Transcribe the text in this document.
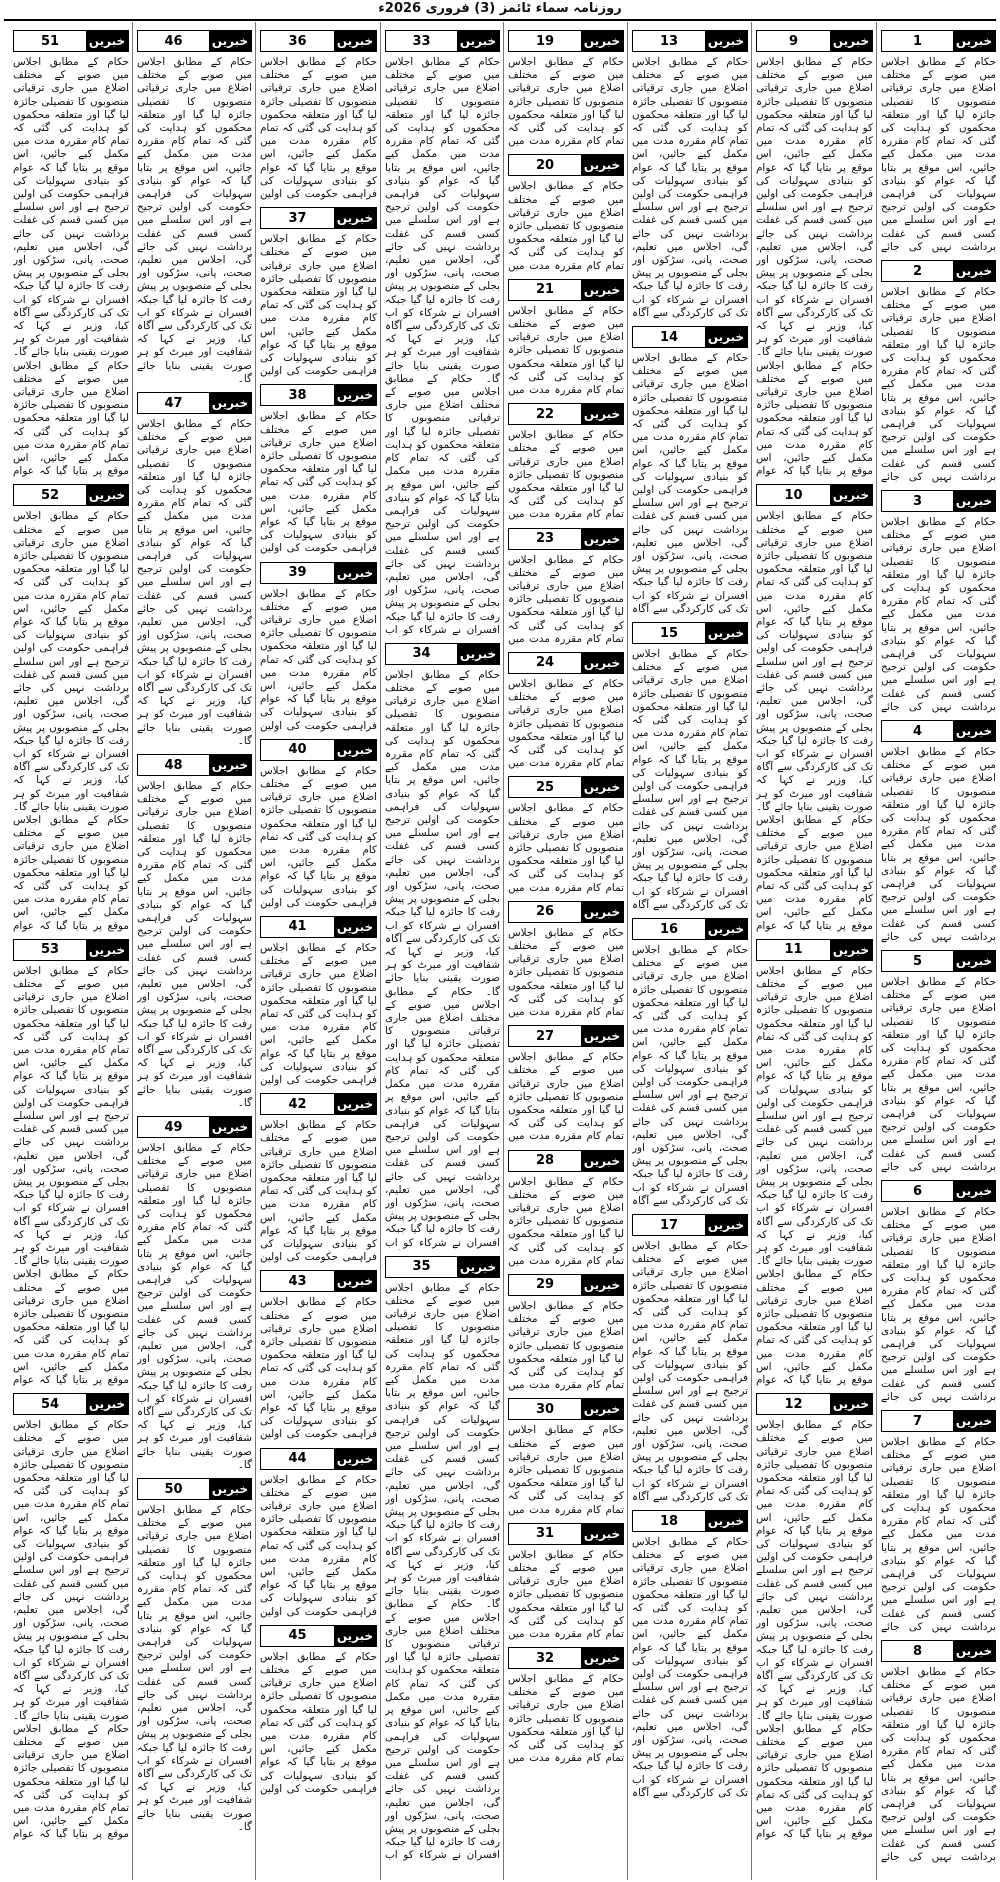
روزنامہ سماء ٹائمز (3) فروری 2026ء
خبریں
1
حکام کے مطابق اجلاس میں صوبے کے مختلف اضلاع میں جاری ترقیاتی منصوبوں کا تفصیلی جائزہ لیا گیا اور متعلقہ محکموں کو ہدایت کی گئی کہ تمام کام مقررہ مدت میں مکمل کیے جائیں، اس موقع پر بتایا گیا کہ عوام کو بنیادی سہولیات کی فراہمی حکومت کی اولین ترجیح ہے اور اس سلسلے میں کسی قسم کی غفلت برداشت نہیں کی جائے
خبریں
2
حکام کے مطابق اجلاس میں صوبے کے مختلف اضلاع میں جاری ترقیاتی منصوبوں کا تفصیلی جائزہ لیا گیا اور متعلقہ محکموں کو ہدایت کی گئی کہ تمام کام مقررہ مدت میں مکمل کیے جائیں، اس موقع پر بتایا گیا کہ عوام کو بنیادی سہولیات کی فراہمی حکومت کی اولین ترجیح ہے اور اس سلسلے میں کسی قسم کی غفلت برداشت نہیں کی جائے
خبریں
3
حکام کے مطابق اجلاس میں صوبے کے مختلف اضلاع میں جاری ترقیاتی منصوبوں کا تفصیلی جائزہ لیا گیا اور متعلقہ محکموں کو ہدایت کی گئی کہ تمام کام مقررہ مدت میں مکمل کیے جائیں، اس موقع پر بتایا گیا کہ عوام کو بنیادی سہولیات کی فراہمی حکومت کی اولین ترجیح ہے اور اس سلسلے میں کسی قسم کی غفلت برداشت نہیں کی جائے
خبریں
4
حکام کے مطابق اجلاس میں صوبے کے مختلف اضلاع میں جاری ترقیاتی منصوبوں کا تفصیلی جائزہ لیا گیا اور متعلقہ محکموں کو ہدایت کی گئی کہ تمام کام مقررہ مدت میں مکمل کیے جائیں، اس موقع پر بتایا گیا کہ عوام کو بنیادی سہولیات کی فراہمی حکومت کی اولین ترجیح ہے اور اس سلسلے میں کسی قسم کی غفلت برداشت نہیں کی جائے
خبریں
5
حکام کے مطابق اجلاس میں صوبے کے مختلف اضلاع میں جاری ترقیاتی منصوبوں کا تفصیلی جائزہ لیا گیا اور متعلقہ محکموں کو ہدایت کی گئی کہ تمام کام مقررہ مدت میں مکمل کیے جائیں، اس موقع پر بتایا گیا کہ عوام کو بنیادی سہولیات کی فراہمی حکومت کی اولین ترجیح ہے اور اس سلسلے میں کسی قسم کی غفلت برداشت نہیں کی جائے
خبریں
6
حکام کے مطابق اجلاس میں صوبے کے مختلف اضلاع میں جاری ترقیاتی منصوبوں کا تفصیلی جائزہ لیا گیا اور متعلقہ محکموں کو ہدایت کی گئی کہ تمام کام مقررہ مدت میں مکمل کیے جائیں، اس موقع پر بتایا گیا کہ عوام کو بنیادی سہولیات کی فراہمی حکومت کی اولین ترجیح ہے اور اس سلسلے میں کسی قسم کی غفلت برداشت نہیں کی جائے
خبریں
7
حکام کے مطابق اجلاس میں صوبے کے مختلف اضلاع میں جاری ترقیاتی منصوبوں کا تفصیلی جائزہ لیا گیا اور متعلقہ محکموں کو ہدایت کی گئی کہ تمام کام مقررہ مدت میں مکمل کیے جائیں، اس موقع پر بتایا گیا کہ عوام کو بنیادی سہولیات کی فراہمی حکومت کی اولین ترجیح ہے اور اس سلسلے میں کسی قسم کی غفلت برداشت نہیں کی جائے
خبریں
8
حکام کے مطابق اجلاس میں صوبے کے مختلف اضلاع میں جاری ترقیاتی منصوبوں کا تفصیلی جائزہ لیا گیا اور متعلقہ محکموں کو ہدایت کی گئی کہ تمام کام مقررہ مدت میں مکمل کیے جائیں، اس موقع پر بتایا گیا کہ عوام کو بنیادی سہولیات کی فراہمی حکومت کی اولین ترجیح ہے اور اس سلسلے میں کسی قسم کی غفلت برداشت نہیں کی جائے
خبریں
9
حکام کے مطابق اجلاس میں صوبے کے مختلف اضلاع میں جاری ترقیاتی منصوبوں کا تفصیلی جائزہ لیا گیا اور متعلقہ محکموں کو ہدایت کی گئی کہ تمام کام مقررہ مدت میں مکمل کیے جائیں، اس موقع پر بتایا گیا کہ عوام کو بنیادی سہولیات کی فراہمی حکومت کی اولین ترجیح ہے اور اس سلسلے میں کسی قسم کی غفلت برداشت نہیں کی جائے گی، اجلاس میں تعلیم، صحت، پانی، سڑکوں اور بجلی کے منصوبوں پر پیش رفت کا جائزہ لیا گیا جبکہ افسران نے شرکاء کو اب تک کی کارکردگی سے آگاہ کیا، وزیر نے کہا کہ شفافیت اور میرٹ کو ہر صورت یقینی بنایا جائے گا۔ حکام کے مطابق اجلاس میں صوبے کے مختلف اضلاع میں جاری ترقیاتی منصوبوں کا تفصیلی جائزہ لیا گیا اور متعلقہ محکموں کو ہدایت کی گئی کہ تمام کام مقررہ مدت میں مکمل کیے جائیں، اس موقع پر بتایا گیا کہ عوام
خبریں
10
حکام کے مطابق اجلاس میں صوبے کے مختلف اضلاع میں جاری ترقیاتی منصوبوں کا تفصیلی جائزہ لیا گیا اور متعلقہ محکموں کو ہدایت کی گئی کہ تمام کام مقررہ مدت میں مکمل کیے جائیں، اس موقع پر بتایا گیا کہ عوام کو بنیادی سہولیات کی فراہمی حکومت کی اولین ترجیح ہے اور اس سلسلے میں کسی قسم کی غفلت برداشت نہیں کی جائے گی، اجلاس میں تعلیم، صحت، پانی، سڑکوں اور بجلی کے منصوبوں پر پیش رفت کا جائزہ لیا گیا جبکہ افسران نے شرکاء کو اب تک کی کارکردگی سے آگاہ کیا، وزیر نے کہا کہ شفافیت اور میرٹ کو ہر صورت یقینی بنایا جائے گا۔ حکام کے مطابق اجلاس میں صوبے کے مختلف اضلاع میں جاری ترقیاتی منصوبوں کا تفصیلی جائزہ لیا گیا اور متعلقہ محکموں کو ہدایت کی گئی کہ تمام کام مقررہ مدت میں مکمل کیے جائیں، اس موقع پر بتایا گیا کہ عوام
خبریں
11
حکام کے مطابق اجلاس میں صوبے کے مختلف اضلاع میں جاری ترقیاتی منصوبوں کا تفصیلی جائزہ لیا گیا اور متعلقہ محکموں کو ہدایت کی گئی کہ تمام کام مقررہ مدت میں مکمل کیے جائیں، اس موقع پر بتایا گیا کہ عوام کو بنیادی سہولیات کی فراہمی حکومت کی اولین ترجیح ہے اور اس سلسلے میں کسی قسم کی غفلت برداشت نہیں کی جائے گی، اجلاس میں تعلیم، صحت، پانی، سڑکوں اور بجلی کے منصوبوں پر پیش رفت کا جائزہ لیا گیا جبکہ افسران نے شرکاء کو اب تک کی کارکردگی سے آگاہ کیا، وزیر نے کہا کہ شفافیت اور میرٹ کو ہر صورت یقینی بنایا جائے گا۔ حکام کے مطابق اجلاس میں صوبے کے مختلف اضلاع میں جاری ترقیاتی منصوبوں کا تفصیلی جائزہ لیا گیا اور متعلقہ محکموں کو ہدایت کی گئی کہ تمام کام مقررہ مدت میں مکمل کیے جائیں، اس موقع پر بتایا گیا کہ عوام
خبریں
12
حکام کے مطابق اجلاس میں صوبے کے مختلف اضلاع میں جاری ترقیاتی منصوبوں کا تفصیلی جائزہ لیا گیا اور متعلقہ محکموں کو ہدایت کی گئی کہ تمام کام مقررہ مدت میں مکمل کیے جائیں، اس موقع پر بتایا گیا کہ عوام کو بنیادی سہولیات کی فراہمی حکومت کی اولین ترجیح ہے اور اس سلسلے میں کسی قسم کی غفلت برداشت نہیں کی جائے گی، اجلاس میں تعلیم، صحت، پانی، سڑکوں اور بجلی کے منصوبوں پر پیش رفت کا جائزہ لیا گیا جبکہ افسران نے شرکاء کو اب تک کی کارکردگی سے آگاہ کیا، وزیر نے کہا کہ شفافیت اور میرٹ کو ہر صورت یقینی بنایا جائے گا۔ حکام کے مطابق اجلاس میں صوبے کے مختلف اضلاع میں جاری ترقیاتی منصوبوں کا تفصیلی جائزہ لیا گیا اور متعلقہ محکموں کو ہدایت کی گئی کہ تمام کام مقررہ مدت میں مکمل کیے جائیں، اس موقع پر بتایا گیا کہ عوام
خبریں
13
حکام کے مطابق اجلاس میں صوبے کے مختلف اضلاع میں جاری ترقیاتی منصوبوں کا تفصیلی جائزہ لیا گیا اور متعلقہ محکموں کو ہدایت کی گئی کہ تمام کام مقررہ مدت میں مکمل کیے جائیں، اس موقع پر بتایا گیا کہ عوام کو بنیادی سہولیات کی فراہمی حکومت کی اولین ترجیح ہے اور اس سلسلے میں کسی قسم کی غفلت برداشت نہیں کی جائے گی، اجلاس میں تعلیم، صحت، پانی، سڑکوں اور بجلی کے منصوبوں پر پیش رفت کا جائزہ لیا گیا جبکہ افسران نے شرکاء کو اب تک کی کارکردگی سے آگاہ
خبریں
14
حکام کے مطابق اجلاس میں صوبے کے مختلف اضلاع میں جاری ترقیاتی منصوبوں کا تفصیلی جائزہ لیا گیا اور متعلقہ محکموں کو ہدایت کی گئی کہ تمام کام مقررہ مدت میں مکمل کیے جائیں، اس موقع پر بتایا گیا کہ عوام کو بنیادی سہولیات کی فراہمی حکومت کی اولین ترجیح ہے اور اس سلسلے میں کسی قسم کی غفلت برداشت نہیں کی جائے گی، اجلاس میں تعلیم، صحت، پانی، سڑکوں اور بجلی کے منصوبوں پر پیش رفت کا جائزہ لیا گیا جبکہ افسران نے شرکاء کو اب تک کی کارکردگی سے آگاہ
خبریں
15
حکام کے مطابق اجلاس میں صوبے کے مختلف اضلاع میں جاری ترقیاتی منصوبوں کا تفصیلی جائزہ لیا گیا اور متعلقہ محکموں کو ہدایت کی گئی کہ تمام کام مقررہ مدت میں مکمل کیے جائیں، اس موقع پر بتایا گیا کہ عوام کو بنیادی سہولیات کی فراہمی حکومت کی اولین ترجیح ہے اور اس سلسلے میں کسی قسم کی غفلت برداشت نہیں کی جائے گی، اجلاس میں تعلیم، صحت، پانی، سڑکوں اور بجلی کے منصوبوں پر پیش رفت کا جائزہ لیا گیا جبکہ افسران نے شرکاء کو اب تک کی کارکردگی سے آگاہ
خبریں
16
حکام کے مطابق اجلاس میں صوبے کے مختلف اضلاع میں جاری ترقیاتی منصوبوں کا تفصیلی جائزہ لیا گیا اور متعلقہ محکموں کو ہدایت کی گئی کہ تمام کام مقررہ مدت میں مکمل کیے جائیں، اس موقع پر بتایا گیا کہ عوام کو بنیادی سہولیات کی فراہمی حکومت کی اولین ترجیح ہے اور اس سلسلے میں کسی قسم کی غفلت برداشت نہیں کی جائے گی، اجلاس میں تعلیم، صحت، پانی، سڑکوں اور بجلی کے منصوبوں پر پیش رفت کا جائزہ لیا گیا جبکہ افسران نے شرکاء کو اب تک کی کارکردگی سے آگاہ
خبریں
17
حکام کے مطابق اجلاس میں صوبے کے مختلف اضلاع میں جاری ترقیاتی منصوبوں کا تفصیلی جائزہ لیا گیا اور متعلقہ محکموں کو ہدایت کی گئی کہ تمام کام مقررہ مدت میں مکمل کیے جائیں، اس موقع پر بتایا گیا کہ عوام کو بنیادی سہولیات کی فراہمی حکومت کی اولین ترجیح ہے اور اس سلسلے میں کسی قسم کی غفلت برداشت نہیں کی جائے گی، اجلاس میں تعلیم، صحت، پانی، سڑکوں اور بجلی کے منصوبوں پر پیش رفت کا جائزہ لیا گیا جبکہ افسران نے شرکاء کو اب تک کی کارکردگی سے آگاہ
خبریں
18
حکام کے مطابق اجلاس میں صوبے کے مختلف اضلاع میں جاری ترقیاتی منصوبوں کا تفصیلی جائزہ لیا گیا اور متعلقہ محکموں کو ہدایت کی گئی کہ تمام کام مقررہ مدت میں مکمل کیے جائیں، اس موقع پر بتایا گیا کہ عوام کو بنیادی سہولیات کی فراہمی حکومت کی اولین ترجیح ہے اور اس سلسلے میں کسی قسم کی غفلت برداشت نہیں کی جائے گی، اجلاس میں تعلیم، صحت، پانی، سڑکوں اور بجلی کے منصوبوں پر پیش رفت کا جائزہ لیا گیا جبکہ افسران نے شرکاء کو اب تک کی کارکردگی سے آگاہ
خبریں
19
حکام کے مطابق اجلاس میں صوبے کے مختلف اضلاع میں جاری ترقیاتی منصوبوں کا تفصیلی جائزہ لیا گیا اور متعلقہ محکموں کو ہدایت کی گئی کہ تمام کام مقررہ مدت میں
خبریں
20
حکام کے مطابق اجلاس میں صوبے کے مختلف اضلاع میں جاری ترقیاتی منصوبوں کا تفصیلی جائزہ لیا گیا اور متعلقہ محکموں کو ہدایت کی گئی کہ تمام کام مقررہ مدت میں
خبریں
21
حکام کے مطابق اجلاس میں صوبے کے مختلف اضلاع میں جاری ترقیاتی منصوبوں کا تفصیلی جائزہ لیا گیا اور متعلقہ محکموں کو ہدایت کی گئی کہ تمام کام مقررہ مدت میں
خبریں
22
حکام کے مطابق اجلاس میں صوبے کے مختلف اضلاع میں جاری ترقیاتی منصوبوں کا تفصیلی جائزہ لیا گیا اور متعلقہ محکموں کو ہدایت کی گئی کہ تمام کام مقررہ مدت میں
خبریں
23
حکام کے مطابق اجلاس میں صوبے کے مختلف اضلاع میں جاری ترقیاتی منصوبوں کا تفصیلی جائزہ لیا گیا اور متعلقہ محکموں کو ہدایت کی گئی کہ تمام کام مقررہ مدت میں
خبریں
24
حکام کے مطابق اجلاس میں صوبے کے مختلف اضلاع میں جاری ترقیاتی منصوبوں کا تفصیلی جائزہ لیا گیا اور متعلقہ محکموں کو ہدایت کی گئی کہ تمام کام مقررہ مدت میں
خبریں
25
حکام کے مطابق اجلاس میں صوبے کے مختلف اضلاع میں جاری ترقیاتی منصوبوں کا تفصیلی جائزہ لیا گیا اور متعلقہ محکموں کو ہدایت کی گئی کہ تمام کام مقررہ مدت میں
خبریں
26
حکام کے مطابق اجلاس میں صوبے کے مختلف اضلاع میں جاری ترقیاتی منصوبوں کا تفصیلی جائزہ لیا گیا اور متعلقہ محکموں کو ہدایت کی گئی کہ تمام کام مقررہ مدت میں
خبریں
27
حکام کے مطابق اجلاس میں صوبے کے مختلف اضلاع میں جاری ترقیاتی منصوبوں کا تفصیلی جائزہ لیا گیا اور متعلقہ محکموں کو ہدایت کی گئی کہ تمام کام مقررہ مدت میں
خبریں
28
حکام کے مطابق اجلاس میں صوبے کے مختلف اضلاع میں جاری ترقیاتی منصوبوں کا تفصیلی جائزہ لیا گیا اور متعلقہ محکموں کو ہدایت کی گئی کہ تمام کام مقررہ مدت میں
خبریں
29
حکام کے مطابق اجلاس میں صوبے کے مختلف اضلاع میں جاری ترقیاتی منصوبوں کا تفصیلی جائزہ لیا گیا اور متعلقہ محکموں کو ہدایت کی گئی کہ تمام کام مقررہ مدت میں
خبریں
30
حکام کے مطابق اجلاس میں صوبے کے مختلف اضلاع میں جاری ترقیاتی منصوبوں کا تفصیلی جائزہ لیا گیا اور متعلقہ محکموں کو ہدایت کی گئی کہ تمام کام مقررہ مدت میں
خبریں
31
حکام کے مطابق اجلاس میں صوبے کے مختلف اضلاع میں جاری ترقیاتی منصوبوں کا تفصیلی جائزہ لیا گیا اور متعلقہ محکموں کو ہدایت کی گئی کہ تمام کام مقررہ مدت میں
خبریں
32
حکام کے مطابق اجلاس میں صوبے کے مختلف اضلاع میں جاری ترقیاتی منصوبوں کا تفصیلی جائزہ لیا گیا اور متعلقہ محکموں کو ہدایت کی گئی کہ تمام کام مقررہ مدت میں
خبریں
33
حکام کے مطابق اجلاس میں صوبے کے مختلف اضلاع میں جاری ترقیاتی منصوبوں کا تفصیلی جائزہ لیا گیا اور متعلقہ محکموں کو ہدایت کی گئی کہ تمام کام مقررہ مدت میں مکمل کیے جائیں، اس موقع پر بتایا گیا کہ عوام کو بنیادی سہولیات کی فراہمی حکومت کی اولین ترجیح ہے اور اس سلسلے میں کسی قسم کی غفلت برداشت نہیں کی جائے گی، اجلاس میں تعلیم، صحت، پانی، سڑکوں اور بجلی کے منصوبوں پر پیش رفت کا جائزہ لیا گیا جبکہ افسران نے شرکاء کو اب تک کی کارکردگی سے آگاہ کیا، وزیر نے کہا کہ شفافیت اور میرٹ کو ہر صورت یقینی بنایا جائے گا۔ حکام کے مطابق اجلاس میں صوبے کے مختلف اضلاع میں جاری ترقیاتی منصوبوں کا تفصیلی جائزہ لیا گیا اور متعلقہ محکموں کو ہدایت کی گئی کہ تمام کام مقررہ مدت میں مکمل کیے جائیں، اس موقع پر بتایا گیا کہ عوام کو بنیادی سہولیات کی فراہمی حکومت کی اولین ترجیح ہے اور اس سلسلے میں کسی قسم کی غفلت برداشت نہیں کی جائے گی، اجلاس میں تعلیم، صحت، پانی، سڑکوں اور بجلی کے منصوبوں پر پیش رفت کا جائزہ لیا گیا جبکہ افسران نے شرکاء کو اب
خبریں
34
حکام کے مطابق اجلاس میں صوبے کے مختلف اضلاع میں جاری ترقیاتی منصوبوں کا تفصیلی جائزہ لیا گیا اور متعلقہ محکموں کو ہدایت کی گئی کہ تمام کام مقررہ مدت میں مکمل کیے جائیں، اس موقع پر بتایا گیا کہ عوام کو بنیادی سہولیات کی فراہمی حکومت کی اولین ترجیح ہے اور اس سلسلے میں کسی قسم کی غفلت برداشت نہیں کی جائے گی، اجلاس میں تعلیم، صحت، پانی، سڑکوں اور بجلی کے منصوبوں پر پیش رفت کا جائزہ لیا گیا جبکہ افسران نے شرکاء کو اب تک کی کارکردگی سے آگاہ کیا، وزیر نے کہا کہ شفافیت اور میرٹ کو ہر صورت یقینی بنایا جائے گا۔ حکام کے مطابق اجلاس میں صوبے کے مختلف اضلاع میں جاری ترقیاتی منصوبوں کا تفصیلی جائزہ لیا گیا اور متعلقہ محکموں کو ہدایت کی گئی کہ تمام کام مقررہ مدت میں مکمل کیے جائیں، اس موقع پر بتایا گیا کہ عوام کو بنیادی سہولیات کی فراہمی حکومت کی اولین ترجیح ہے اور اس سلسلے میں کسی قسم کی غفلت برداشت نہیں کی جائے گی، اجلاس میں تعلیم، صحت، پانی، سڑکوں اور بجلی کے منصوبوں پر پیش رفت کا جائزہ لیا گیا جبکہ افسران نے شرکاء کو اب
خبریں
35
حکام کے مطابق اجلاس میں صوبے کے مختلف اضلاع میں جاری ترقیاتی منصوبوں کا تفصیلی جائزہ لیا گیا اور متعلقہ محکموں کو ہدایت کی گئی کہ تمام کام مقررہ مدت میں مکمل کیے جائیں، اس موقع پر بتایا گیا کہ عوام کو بنیادی سہولیات کی فراہمی حکومت کی اولین ترجیح ہے اور اس سلسلے میں کسی قسم کی غفلت برداشت نہیں کی جائے گی، اجلاس میں تعلیم، صحت، پانی، سڑکوں اور بجلی کے منصوبوں پر پیش رفت کا جائزہ لیا گیا جبکہ افسران نے شرکاء کو اب تک کی کارکردگی سے آگاہ کیا، وزیر نے کہا کہ شفافیت اور میرٹ کو ہر صورت یقینی بنایا جائے گا۔ حکام کے مطابق اجلاس میں صوبے کے مختلف اضلاع میں جاری ترقیاتی منصوبوں کا تفصیلی جائزہ لیا گیا اور متعلقہ محکموں کو ہدایت کی گئی کہ تمام کام مقررہ مدت میں مکمل کیے جائیں، اس موقع پر بتایا گیا کہ عوام کو بنیادی سہولیات کی فراہمی حکومت کی اولین ترجیح ہے اور اس سلسلے میں کسی قسم کی غفلت برداشت نہیں کی جائے گی، اجلاس میں تعلیم، صحت، پانی، سڑکوں اور بجلی کے منصوبوں پر پیش رفت کا جائزہ لیا گیا جبکہ افسران نے شرکاء کو اب
خبریں
36
حکام کے مطابق اجلاس میں صوبے کے مختلف اضلاع میں جاری ترقیاتی منصوبوں کا تفصیلی جائزہ لیا گیا اور متعلقہ محکموں کو ہدایت کی گئی کہ تمام کام مقررہ مدت میں مکمل کیے جائیں، اس موقع پر بتایا گیا کہ عوام کو بنیادی سہولیات کی فراہمی حکومت کی اولین
خبریں
37
حکام کے مطابق اجلاس میں صوبے کے مختلف اضلاع میں جاری ترقیاتی منصوبوں کا تفصیلی جائزہ لیا گیا اور متعلقہ محکموں کو ہدایت کی گئی کہ تمام کام مقررہ مدت میں مکمل کیے جائیں، اس موقع پر بتایا گیا کہ عوام کو بنیادی سہولیات کی فراہمی حکومت کی اولین
خبریں
38
حکام کے مطابق اجلاس میں صوبے کے مختلف اضلاع میں جاری ترقیاتی منصوبوں کا تفصیلی جائزہ لیا گیا اور متعلقہ محکموں کو ہدایت کی گئی کہ تمام کام مقررہ مدت میں مکمل کیے جائیں، اس موقع پر بتایا گیا کہ عوام کو بنیادی سہولیات کی فراہمی حکومت کی اولین
خبریں
39
حکام کے مطابق اجلاس میں صوبے کے مختلف اضلاع میں جاری ترقیاتی منصوبوں کا تفصیلی جائزہ لیا گیا اور متعلقہ محکموں کو ہدایت کی گئی کہ تمام کام مقررہ مدت میں مکمل کیے جائیں، اس موقع پر بتایا گیا کہ عوام کو بنیادی سہولیات کی فراہمی حکومت کی اولین
خبریں
40
حکام کے مطابق اجلاس میں صوبے کے مختلف اضلاع میں جاری ترقیاتی منصوبوں کا تفصیلی جائزہ لیا گیا اور متعلقہ محکموں کو ہدایت کی گئی کہ تمام کام مقررہ مدت میں مکمل کیے جائیں، اس موقع پر بتایا گیا کہ عوام کو بنیادی سہولیات کی فراہمی حکومت کی اولین
خبریں
41
حکام کے مطابق اجلاس میں صوبے کے مختلف اضلاع میں جاری ترقیاتی منصوبوں کا تفصیلی جائزہ لیا گیا اور متعلقہ محکموں کو ہدایت کی گئی کہ تمام کام مقررہ مدت میں مکمل کیے جائیں، اس موقع پر بتایا گیا کہ عوام کو بنیادی سہولیات کی فراہمی حکومت کی اولین
خبریں
42
حکام کے مطابق اجلاس میں صوبے کے مختلف اضلاع میں جاری ترقیاتی منصوبوں کا تفصیلی جائزہ لیا گیا اور متعلقہ محکموں کو ہدایت کی گئی کہ تمام کام مقررہ مدت میں مکمل کیے جائیں، اس موقع پر بتایا گیا کہ عوام کو بنیادی سہولیات کی فراہمی حکومت کی اولین
خبریں
43
حکام کے مطابق اجلاس میں صوبے کے مختلف اضلاع میں جاری ترقیاتی منصوبوں کا تفصیلی جائزہ لیا گیا اور متعلقہ محکموں کو ہدایت کی گئی کہ تمام کام مقررہ مدت میں مکمل کیے جائیں، اس موقع پر بتایا گیا کہ عوام کو بنیادی سہولیات کی فراہمی حکومت کی اولین
خبریں
44
حکام کے مطابق اجلاس میں صوبے کے مختلف اضلاع میں جاری ترقیاتی منصوبوں کا تفصیلی جائزہ لیا گیا اور متعلقہ محکموں کو ہدایت کی گئی کہ تمام کام مقررہ مدت میں مکمل کیے جائیں، اس موقع پر بتایا گیا کہ عوام کو بنیادی سہولیات کی فراہمی حکومت کی اولین
خبریں
45
حکام کے مطابق اجلاس میں صوبے کے مختلف اضلاع میں جاری ترقیاتی منصوبوں کا تفصیلی جائزہ لیا گیا اور متعلقہ محکموں کو ہدایت کی گئی کہ تمام کام مقررہ مدت میں مکمل کیے جائیں، اس موقع پر بتایا گیا کہ عوام کو بنیادی سہولیات کی فراہمی حکومت کی اولین
خبریں
46
حکام کے مطابق اجلاس میں صوبے کے مختلف اضلاع میں جاری ترقیاتی منصوبوں کا تفصیلی جائزہ لیا گیا اور متعلقہ محکموں کو ہدایت کی گئی کہ تمام کام مقررہ مدت میں مکمل کیے جائیں، اس موقع پر بتایا گیا کہ عوام کو بنیادی سہولیات کی فراہمی حکومت کی اولین ترجیح ہے اور اس سلسلے میں کسی قسم کی غفلت برداشت نہیں کی جائے گی، اجلاس میں تعلیم، صحت، پانی، سڑکوں اور بجلی کے منصوبوں پر پیش رفت کا جائزہ لیا گیا جبکہ افسران نے شرکاء کو اب تک کی کارکردگی سے آگاہ کیا، وزیر نے کہا کہ شفافیت اور میرٹ کو ہر صورت یقینی بنایا جائے گا۔
خبریں
47
حکام کے مطابق اجلاس میں صوبے کے مختلف اضلاع میں جاری ترقیاتی منصوبوں کا تفصیلی جائزہ لیا گیا اور متعلقہ محکموں کو ہدایت کی گئی کہ تمام کام مقررہ مدت میں مکمل کیے جائیں، اس موقع پر بتایا گیا کہ عوام کو بنیادی سہولیات کی فراہمی حکومت کی اولین ترجیح ہے اور اس سلسلے میں کسی قسم کی غفلت برداشت نہیں کی جائے گی، اجلاس میں تعلیم، صحت، پانی، سڑکوں اور بجلی کے منصوبوں پر پیش رفت کا جائزہ لیا گیا جبکہ افسران نے شرکاء کو اب تک کی کارکردگی سے آگاہ کیا، وزیر نے کہا کہ شفافیت اور میرٹ کو ہر صورت یقینی بنایا جائے گا۔
خبریں
48
حکام کے مطابق اجلاس میں صوبے کے مختلف اضلاع میں جاری ترقیاتی منصوبوں کا تفصیلی جائزہ لیا گیا اور متعلقہ محکموں کو ہدایت کی گئی کہ تمام کام مقررہ مدت میں مکمل کیے جائیں، اس موقع پر بتایا گیا کہ عوام کو بنیادی سہولیات کی فراہمی حکومت کی اولین ترجیح ہے اور اس سلسلے میں کسی قسم کی غفلت برداشت نہیں کی جائے گی، اجلاس میں تعلیم، صحت، پانی، سڑکوں اور بجلی کے منصوبوں پر پیش رفت کا جائزہ لیا گیا جبکہ افسران نے شرکاء کو اب تک کی کارکردگی سے آگاہ کیا، وزیر نے کہا کہ شفافیت اور میرٹ کو ہر صورت یقینی بنایا جائے گا۔
خبریں
49
حکام کے مطابق اجلاس میں صوبے کے مختلف اضلاع میں جاری ترقیاتی منصوبوں کا تفصیلی جائزہ لیا گیا اور متعلقہ محکموں کو ہدایت کی گئی کہ تمام کام مقررہ مدت میں مکمل کیے جائیں، اس موقع پر بتایا گیا کہ عوام کو بنیادی سہولیات کی فراہمی حکومت کی اولین ترجیح ہے اور اس سلسلے میں کسی قسم کی غفلت برداشت نہیں کی جائے گی، اجلاس میں تعلیم، صحت، پانی، سڑکوں اور بجلی کے منصوبوں پر پیش رفت کا جائزہ لیا گیا جبکہ افسران نے شرکاء کو اب تک کی کارکردگی سے آگاہ کیا، وزیر نے کہا کہ شفافیت اور میرٹ کو ہر صورت یقینی بنایا جائے گا۔
خبریں
50
حکام کے مطابق اجلاس میں صوبے کے مختلف اضلاع میں جاری ترقیاتی منصوبوں کا تفصیلی جائزہ لیا گیا اور متعلقہ محکموں کو ہدایت کی گئی کہ تمام کام مقررہ مدت میں مکمل کیے جائیں، اس موقع پر بتایا گیا کہ عوام کو بنیادی سہولیات کی فراہمی حکومت کی اولین ترجیح ہے اور اس سلسلے میں کسی قسم کی غفلت برداشت نہیں کی جائے گی، اجلاس میں تعلیم، صحت، پانی، سڑکوں اور بجلی کے منصوبوں پر پیش رفت کا جائزہ لیا گیا جبکہ افسران نے شرکاء کو اب تک کی کارکردگی سے آگاہ کیا، وزیر نے کہا کہ شفافیت اور میرٹ کو ہر صورت یقینی بنایا جائے گا۔
خبریں
51
حکام کے مطابق اجلاس میں صوبے کے مختلف اضلاع میں جاری ترقیاتی منصوبوں کا تفصیلی جائزہ لیا گیا اور متعلقہ محکموں کو ہدایت کی گئی کہ تمام کام مقررہ مدت میں مکمل کیے جائیں، اس موقع پر بتایا گیا کہ عوام کو بنیادی سہولیات کی فراہمی حکومت کی اولین ترجیح ہے اور اس سلسلے میں کسی قسم کی غفلت برداشت نہیں کی جائے گی، اجلاس میں تعلیم، صحت، پانی، سڑکوں اور بجلی کے منصوبوں پر پیش رفت کا جائزہ لیا گیا جبکہ افسران نے شرکاء کو اب تک کی کارکردگی سے آگاہ کیا، وزیر نے کہا کہ شفافیت اور میرٹ کو ہر صورت یقینی بنایا جائے گا۔ حکام کے مطابق اجلاس میں صوبے کے مختلف اضلاع میں جاری ترقیاتی منصوبوں کا تفصیلی جائزہ لیا گیا اور متعلقہ محکموں کو ہدایت کی گئی کہ تمام کام مقررہ مدت میں مکمل کیے جائیں، اس موقع پر بتایا گیا کہ عوام
خبریں
52
حکام کے مطابق اجلاس میں صوبے کے مختلف اضلاع میں جاری ترقیاتی منصوبوں کا تفصیلی جائزہ لیا گیا اور متعلقہ محکموں کو ہدایت کی گئی کہ تمام کام مقررہ مدت میں مکمل کیے جائیں، اس موقع پر بتایا گیا کہ عوام کو بنیادی سہولیات کی فراہمی حکومت کی اولین ترجیح ہے اور اس سلسلے میں کسی قسم کی غفلت برداشت نہیں کی جائے گی، اجلاس میں تعلیم، صحت، پانی، سڑکوں اور بجلی کے منصوبوں پر پیش رفت کا جائزہ لیا گیا جبکہ افسران نے شرکاء کو اب تک کی کارکردگی سے آگاہ کیا، وزیر نے کہا کہ شفافیت اور میرٹ کو ہر صورت یقینی بنایا جائے گا۔ حکام کے مطابق اجلاس میں صوبے کے مختلف اضلاع میں جاری ترقیاتی منصوبوں کا تفصیلی جائزہ لیا گیا اور متعلقہ محکموں کو ہدایت کی گئی کہ تمام کام مقررہ مدت میں مکمل کیے جائیں، اس موقع پر بتایا گیا کہ عوام
خبریں
53
حکام کے مطابق اجلاس میں صوبے کے مختلف اضلاع میں جاری ترقیاتی منصوبوں کا تفصیلی جائزہ لیا گیا اور متعلقہ محکموں کو ہدایت کی گئی کہ تمام کام مقررہ مدت میں مکمل کیے جائیں، اس موقع پر بتایا گیا کہ عوام کو بنیادی سہولیات کی فراہمی حکومت کی اولین ترجیح ہے اور اس سلسلے میں کسی قسم کی غفلت برداشت نہیں کی جائے گی، اجلاس میں تعلیم، صحت، پانی، سڑکوں اور بجلی کے منصوبوں پر پیش رفت کا جائزہ لیا گیا جبکہ افسران نے شرکاء کو اب تک کی کارکردگی سے آگاہ کیا، وزیر نے کہا کہ شفافیت اور میرٹ کو ہر صورت یقینی بنایا جائے گا۔ حکام کے مطابق اجلاس میں صوبے کے مختلف اضلاع میں جاری ترقیاتی منصوبوں کا تفصیلی جائزہ لیا گیا اور متعلقہ محکموں کو ہدایت کی گئی کہ تمام کام مقررہ مدت میں مکمل کیے جائیں، اس موقع پر بتایا گیا کہ عوام
خبریں
54
حکام کے مطابق اجلاس میں صوبے کے مختلف اضلاع میں جاری ترقیاتی منصوبوں کا تفصیلی جائزہ لیا گیا اور متعلقہ محکموں کو ہدایت کی گئی کہ تمام کام مقررہ مدت میں مکمل کیے جائیں، اس موقع پر بتایا گیا کہ عوام کو بنیادی سہولیات کی فراہمی حکومت کی اولین ترجیح ہے اور اس سلسلے میں کسی قسم کی غفلت برداشت نہیں کی جائے گی، اجلاس میں تعلیم، صحت، پانی، سڑکوں اور بجلی کے منصوبوں پر پیش رفت کا جائزہ لیا گیا جبکہ افسران نے شرکاء کو اب تک کی کارکردگی سے آگاہ کیا، وزیر نے کہا کہ شفافیت اور میرٹ کو ہر صورت یقینی بنایا جائے گا۔ حکام کے مطابق اجلاس میں صوبے کے مختلف اضلاع میں جاری ترقیاتی منصوبوں کا تفصیلی جائزہ لیا گیا اور متعلقہ محکموں کو ہدایت کی گئی کہ تمام کام مقررہ مدت میں مکمل کیے جائیں، اس موقع پر بتایا گیا کہ عوام
